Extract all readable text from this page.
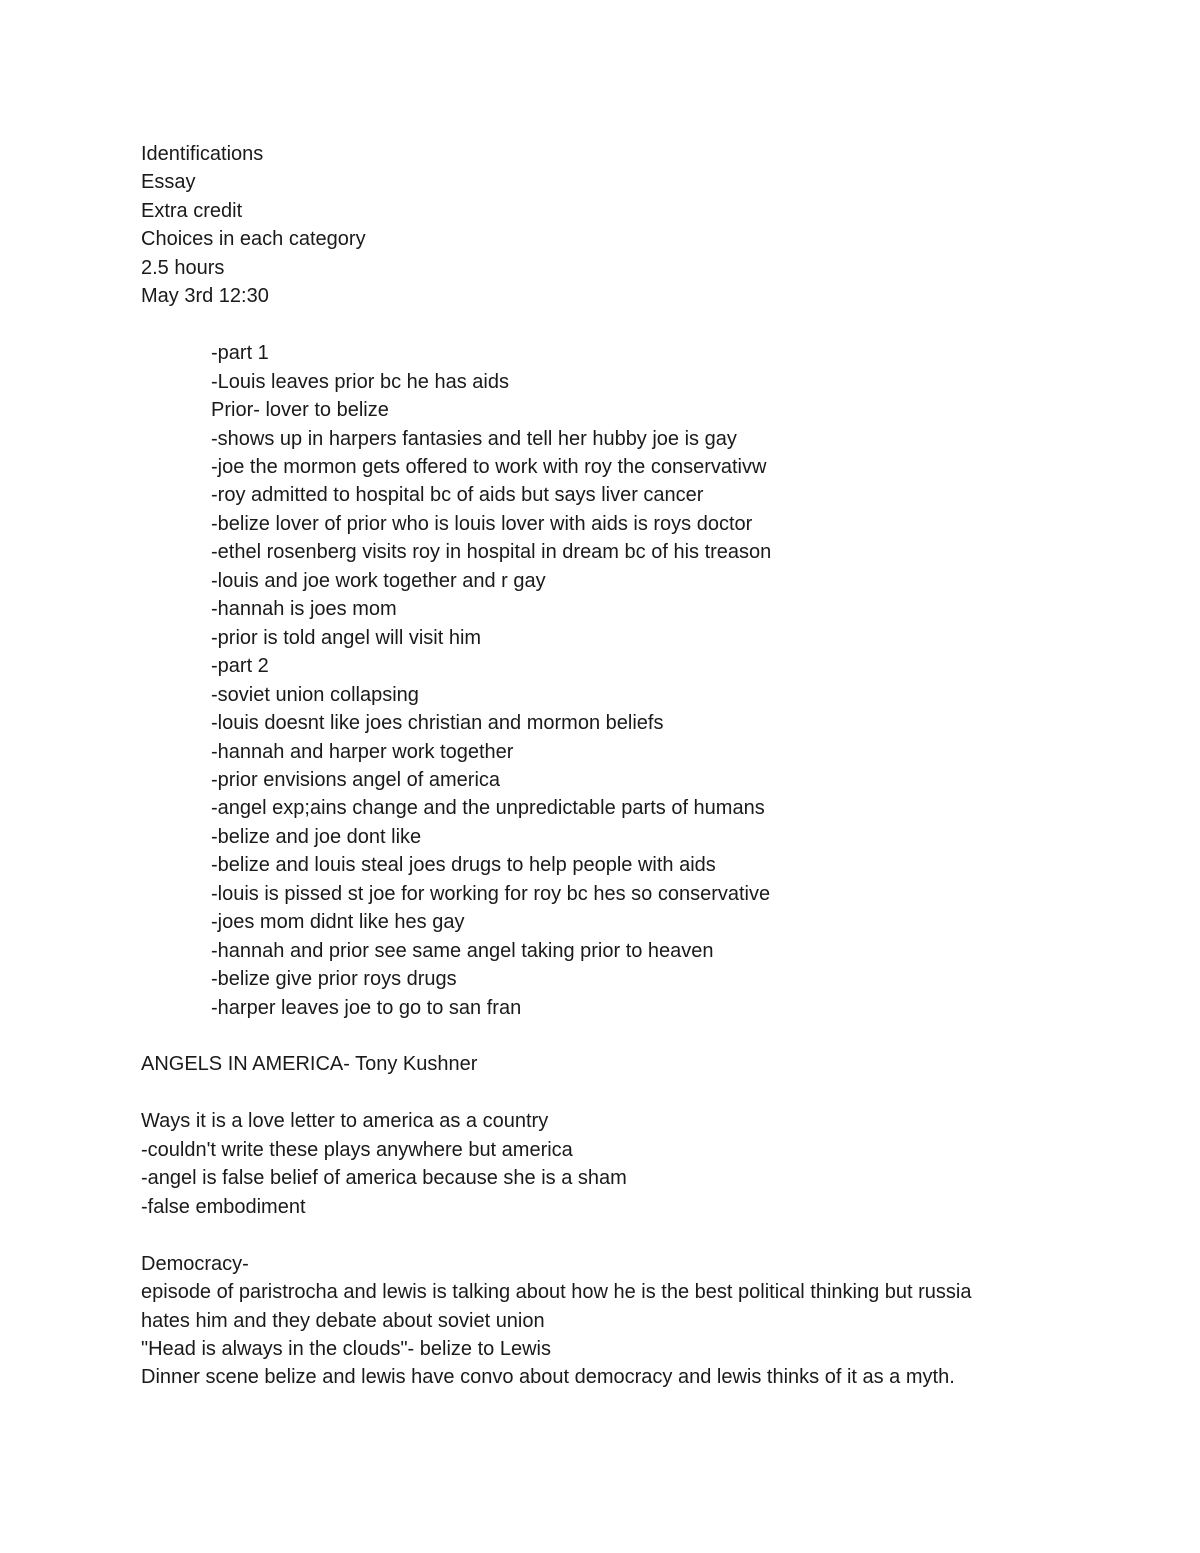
Identifications
Essay
Extra credit
Choices in each category
2.5 hours
May 3rd 12:30
-part 1
-Louis leaves prior bc he has aids
Prior- lover to belize
-shows up in harpers fantasies and tell her hubby joe is gay
-joe the mormon gets offered to work with roy the conservativw
-roy admitted to hospital bc of aids but says liver cancer
-belize lover of prior who is louis lover with aids is roys doctor
-ethel rosenberg visits roy in hospital in dream bc of his treason
-louis and joe work together and r gay
-hannah is joes mom
-prior is told angel will visit him
-part 2
-soviet union collapsing
-louis doesnt like joes christian and mormon beliefs
-hannah and harper work together
-prior envisions angel of america
-angel exp;ains change and the unpredictable parts of humans
-belize and joe dont like
-belize and louis steal joes drugs to help people with aids
-louis is pissed st joe for working for roy bc hes so conservative
-joes mom didnt like hes gay
-hannah and prior see same angel taking prior to heaven
-belize give prior roys drugs
-harper leaves joe to go to san fran
ANGELS IN AMERICA- Tony Kushner
Ways it is a love letter to america as a country
-couldn't write these plays anywhere but america
-angel is false belief of america because she is a sham
-false embodiment
Democracy-
episode of paristrocha and lewis is talking about how he is the best political thinking but russia
hates him and they debate about soviet union
"Head is always in the clouds"- belize to Lewis
Dinner scene belize and lewis have convo about democracy and lewis thinks of it as a myth.
